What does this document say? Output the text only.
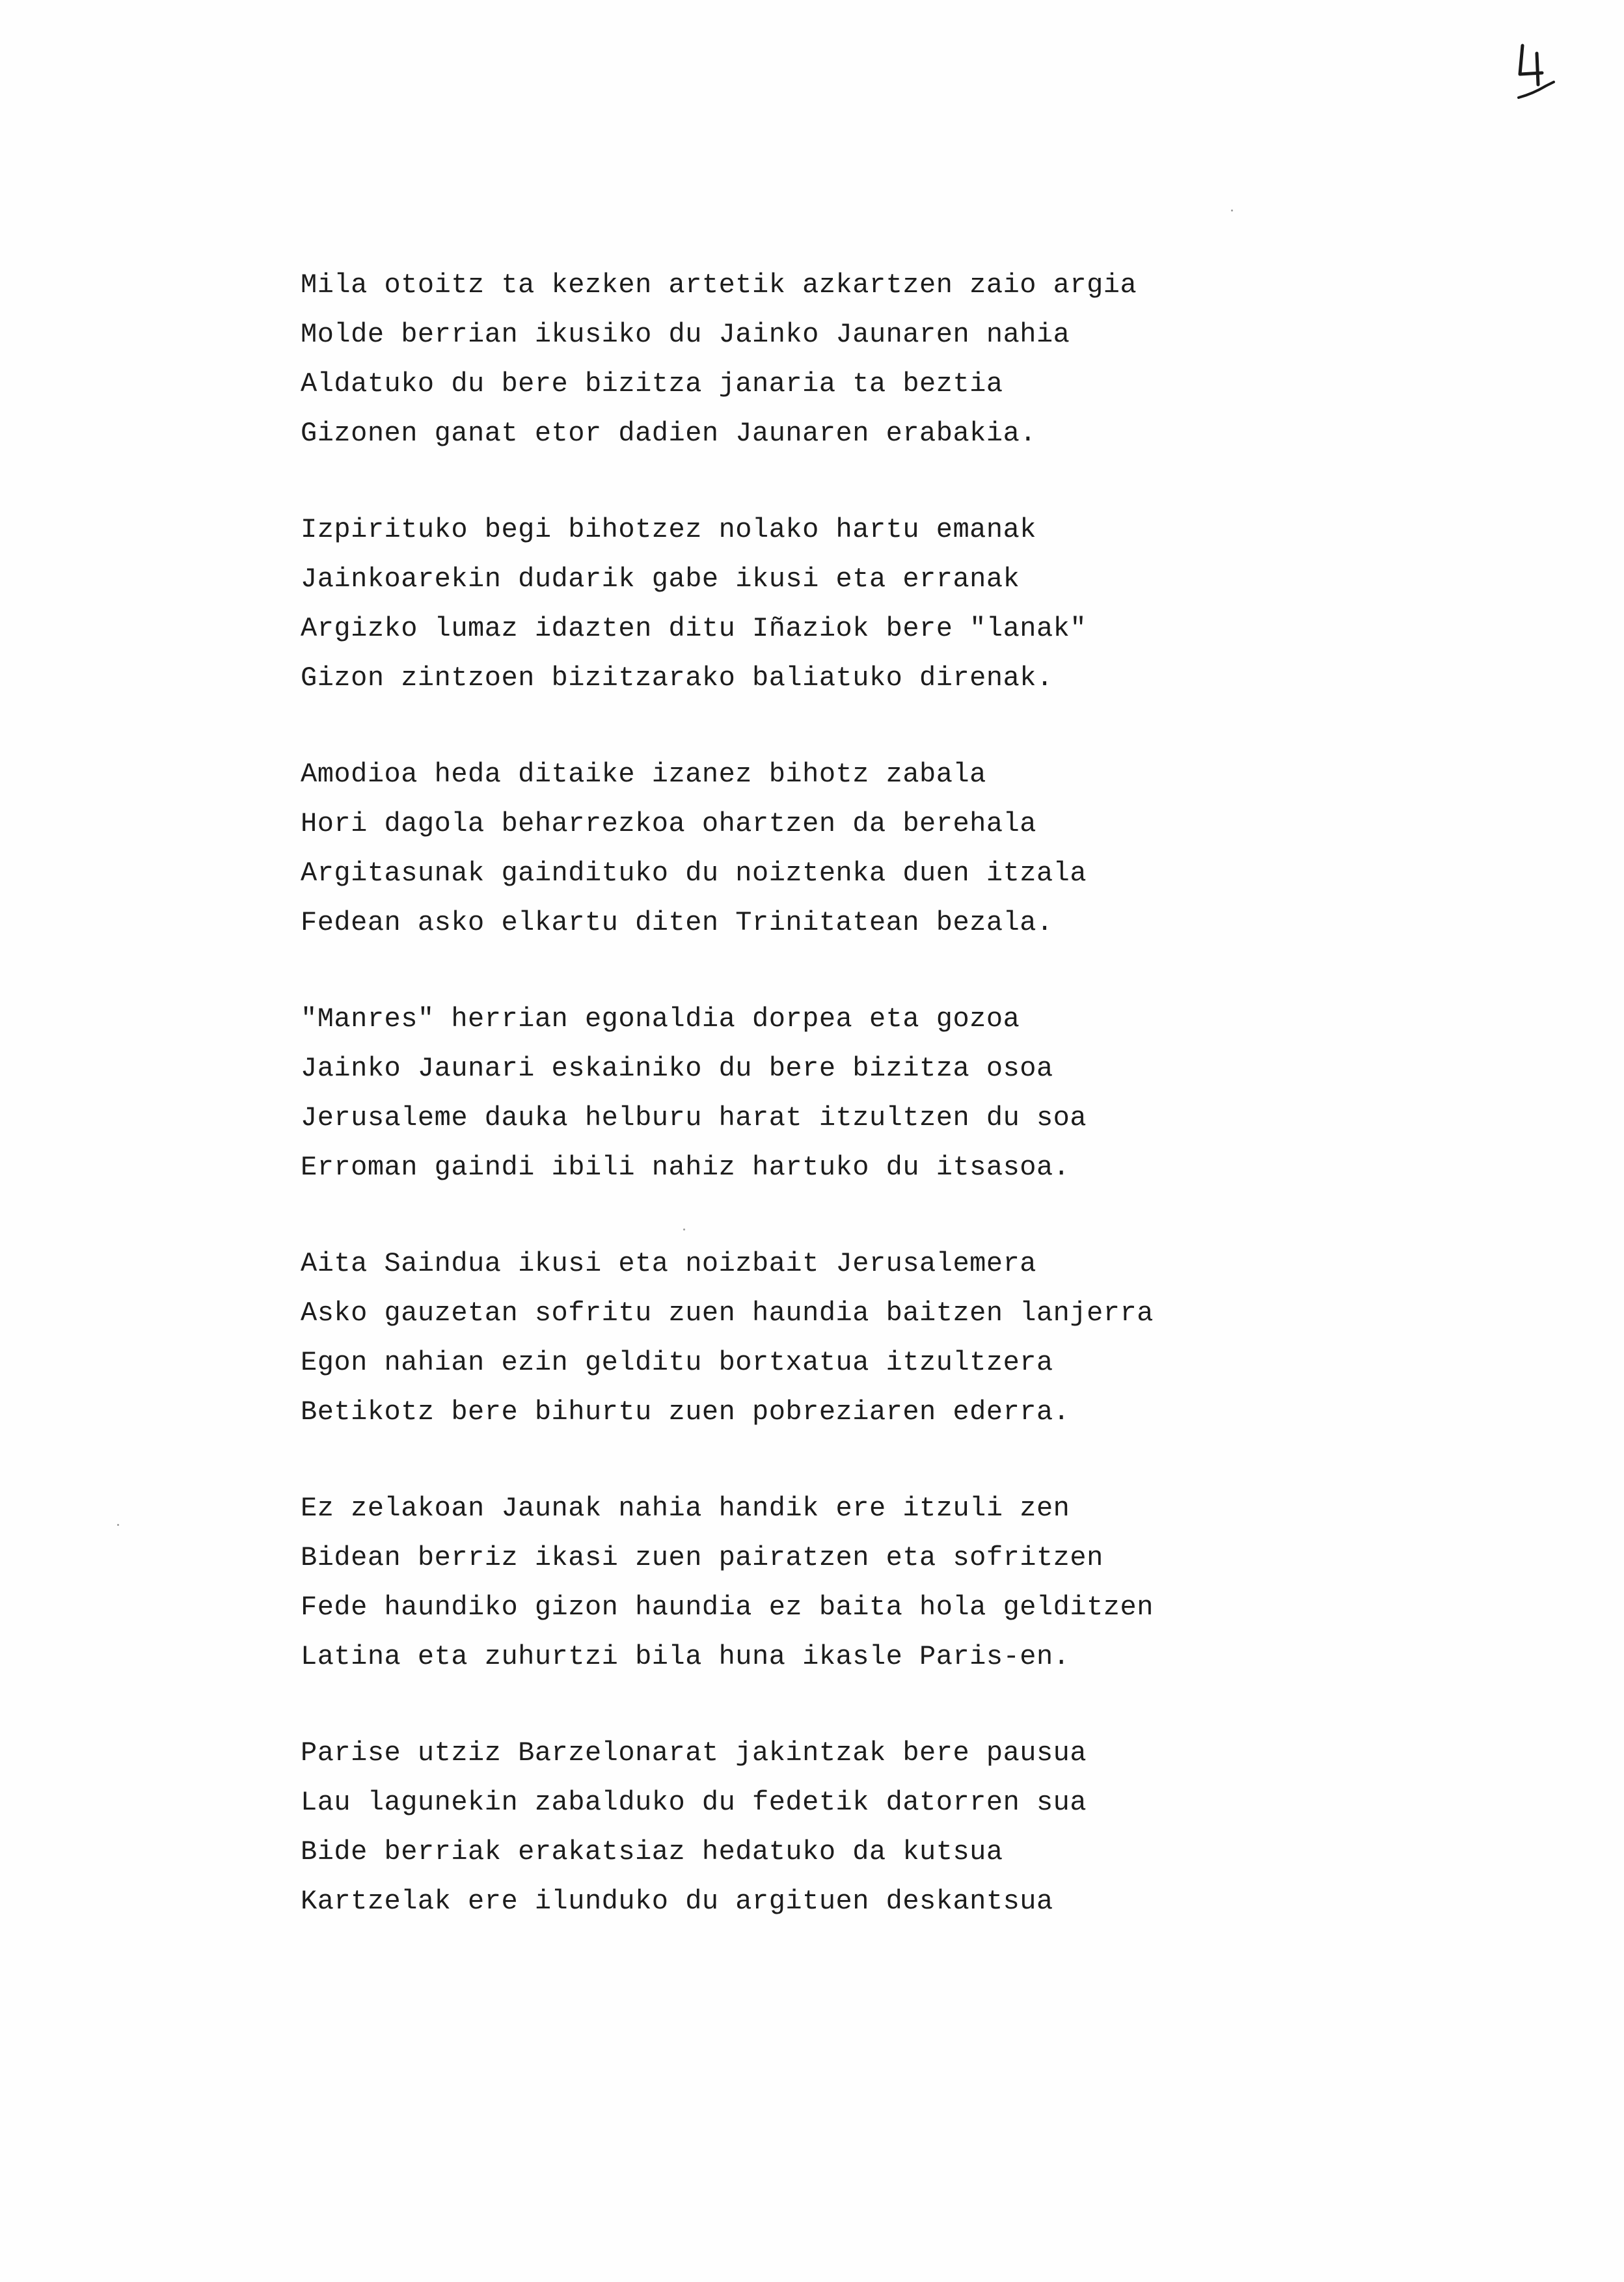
Mila otoitz ta kezken artetik azkartzen zaio argia
Molde berrian ikusiko du Jainko Jaunaren nahia
Aldatuko du bere bizitza janaria ta beztia
Gizonen ganat etor dadien Jaunaren erabakia.
Izpirituko begi bihotzez nolako hartu emanak
Jainkoarekin dudarik gabe ikusi eta erranak
Argizko lumaz idazten ditu Iñaziok bere "lanak"
Gizon zintzoen bizitzarako baliatuko direnak.
Amodioa heda ditaike izanez bihotz zabala
Hori dagola beharrezkoa ohartzen da berehala
Argitasunak gaindituko du noiztenka duen itzala
Fedean asko elkartu diten Trinitatean bezala.
"Manres" herrian egonaldia dorpea eta gozoa
Jainko Jaunari eskainiko du bere bizitza osoa
Jerusaleme dauka helburu harat itzultzen du soa
Erroman gaindi ibili nahiz hartuko du itsasoa.
Aita Saindua ikusi eta noizbait Jerusalemera
Asko gauzetan sofritu zuen haundia baitzen lanjerra
Egon nahian ezin gelditu bortxatua itzultzera
Betikotz bere bihurtu zuen pobreziaren ederra.
Ez zelakoan Jaunak nahia handik ere itzuli zen
Bidean berriz ikasi zuen pairatzen eta sofritzen
Fede haundiko gizon haundia ez baita hola gelditzen
Latina eta zuhurtzi bila huna ikasle Paris-en.
Parise utziz Barzelonarat jakintzak bere pausua
Lau lagunekin zabalduko du fedetik datorren sua
Bide berriak erakatsiaz hedatuko da kutsua
Kartzelak ere ilunduko du argituen deskantsua
